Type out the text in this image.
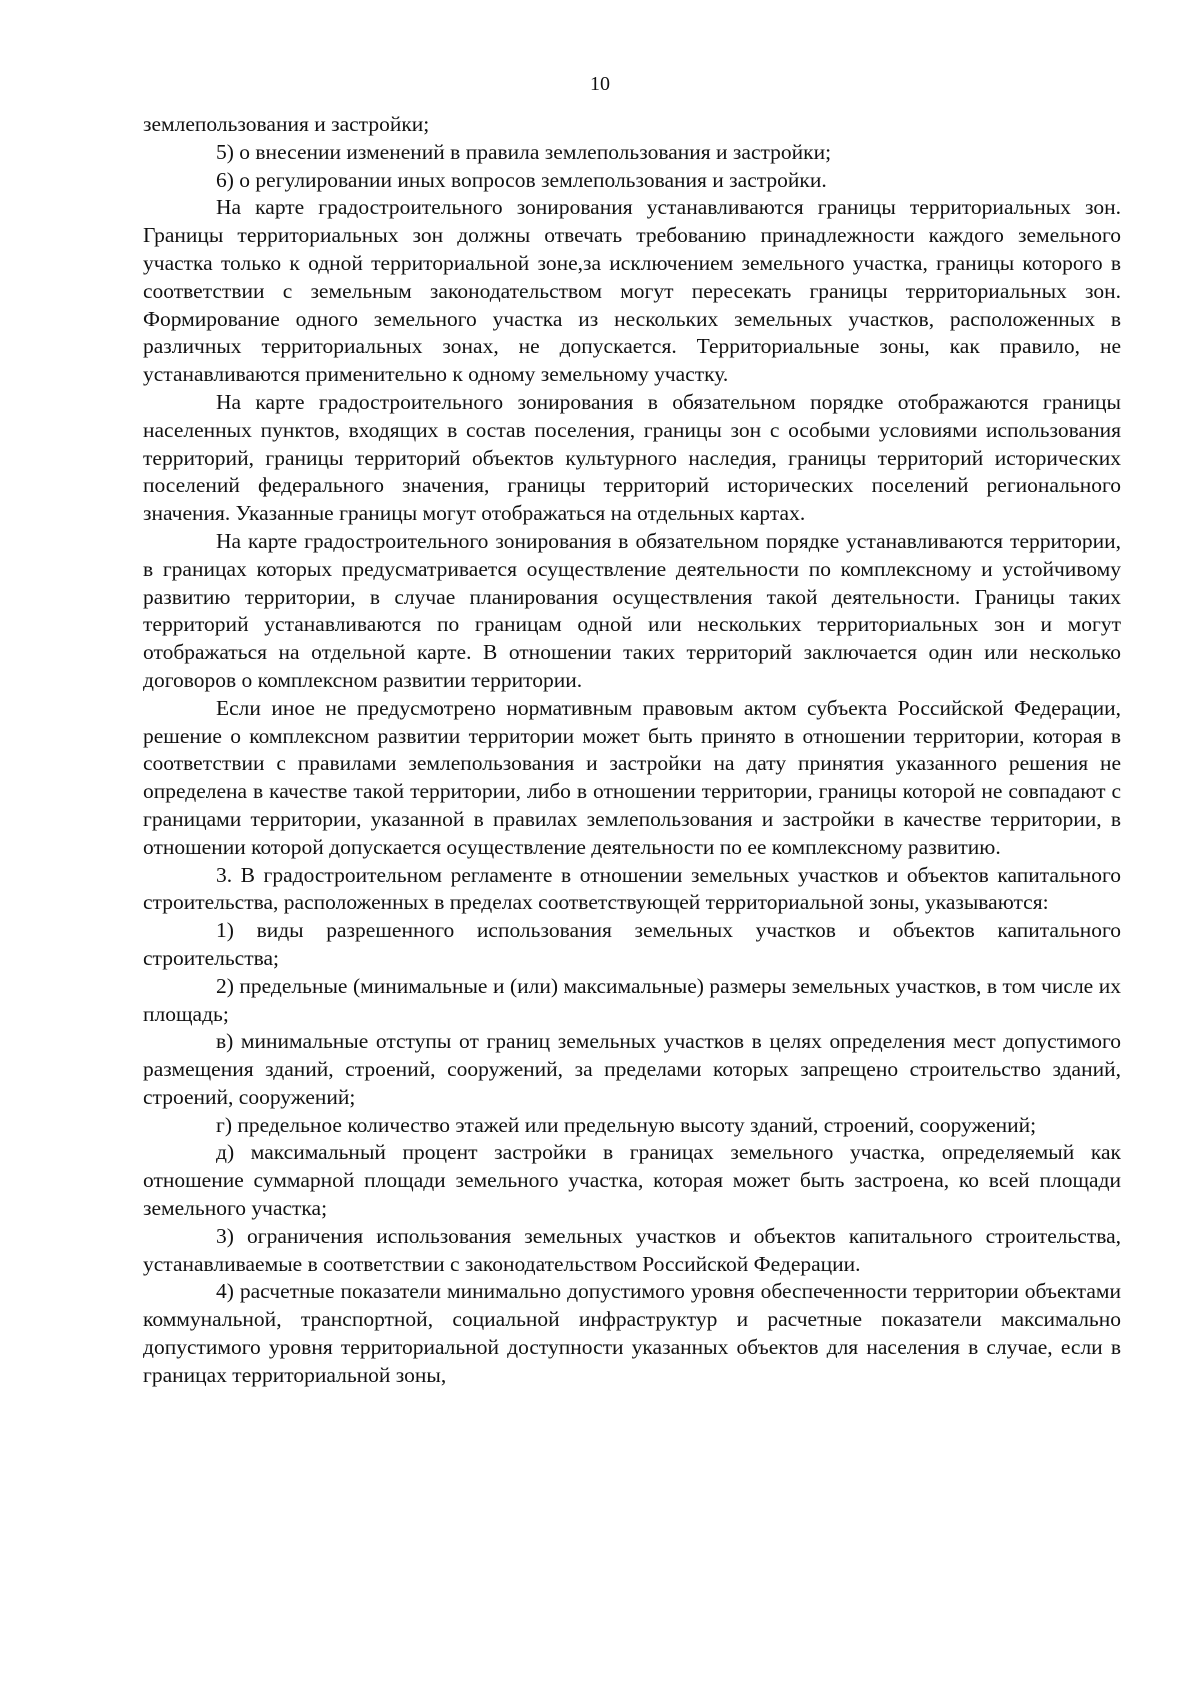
10

землепользования и застройки;

5) о внесении изменений в правила землепользования и застройки;

6) о регулировании иных вопросов землепользования и застройки.

На карте градостроительного зонирования устанавливаются границы территориальных зон. Границы территориальных зон должны отвечать требованию принадлежности каждого земельного участка только к одной территориальной зоне,за исключением земельного участка, границы которого в соответствии с земельным законодательством могут пересекать границы территориальных зон. Формирование одного земельного участка из нескольких земельных участков, расположенных в различных территориальных зонах, не допускается. Территориальные зоны, как правило, не устанавливаются применительно к одному земельному участку.

На карте градостроительного зонирования в обязательном порядке отображаются границы населенных пунктов, входящих в состав поселения, границы зон с особыми условиями использования территорий, границы территорий объектов культурного наследия, границы территорий исторических поселений федерального значения, границы территорий исторических поселений регионального значения. Указанные границы могут отображаться на отдельных картах.

На карте градостроительного зонирования в обязательном порядке устанавливаются территории, в границах которых предусматривается осуществление деятельности по комплексному и устойчивому развитию территории, в случае планирования осуществления такой деятельности. Границы таких территорий устанавливаются по границам одной или нескольких территориальных зон и могут отображаться на отдельной карте. В отношении таких территорий заключается один или несколько договоров о комплексном развитии территории.

Если иное не предусмотрено нормативным правовым актом субъекта Российской Федерации, решение о комплексном развитии территории может быть принято в отношении территории, которая в соответствии с правилами землепользования и застройки на дату принятия указанного решения не определена в качестве такой территории, либо в отношении территории, границы которой не совпадают с границами территории, указанной в правилах землепользования и застройки в качестве территории, в отношении которой допускается осуществление деятельности по ее комплексному развитию.

3. В градостроительном регламенте в отношении земельных участков и объектов капитального строительства, расположенных в пределах соответствующей территориальной зоны, указываются:

1) виды разрешенного использования земельных участков и объектов капитального строительства;

2) предельные (минимальные и (или) максимальные) размеры земельных участков, в том числе их площадь;

в) минимальные отступы от границ земельных участков в целях определения мест допустимого размещения зданий, строений, сооружений, за пределами которых запрещено строительство зданий, строений, сооружений;

г) предельное количество этажей или предельную высоту зданий, строений, сооружений;

д) максимальный процент застройки в границах земельного участка, определяемый как отношение суммарной площади земельного участка, которая может быть застроена, ко всей площади земельного участка;

3) ограничения использования земельных участков и объектов капитального строительства, устанавливаемые в соответствии с законодательством Российской Федерации.

4) расчетные показатели минимально допустимого уровня обеспеченности территории объектами коммунальной, транспортной, социальной инфраструктур и расчетные показатели максимально допустимого уровня территориальной доступности указанных объектов для населения в случае, если в границах территориальной зоны,
